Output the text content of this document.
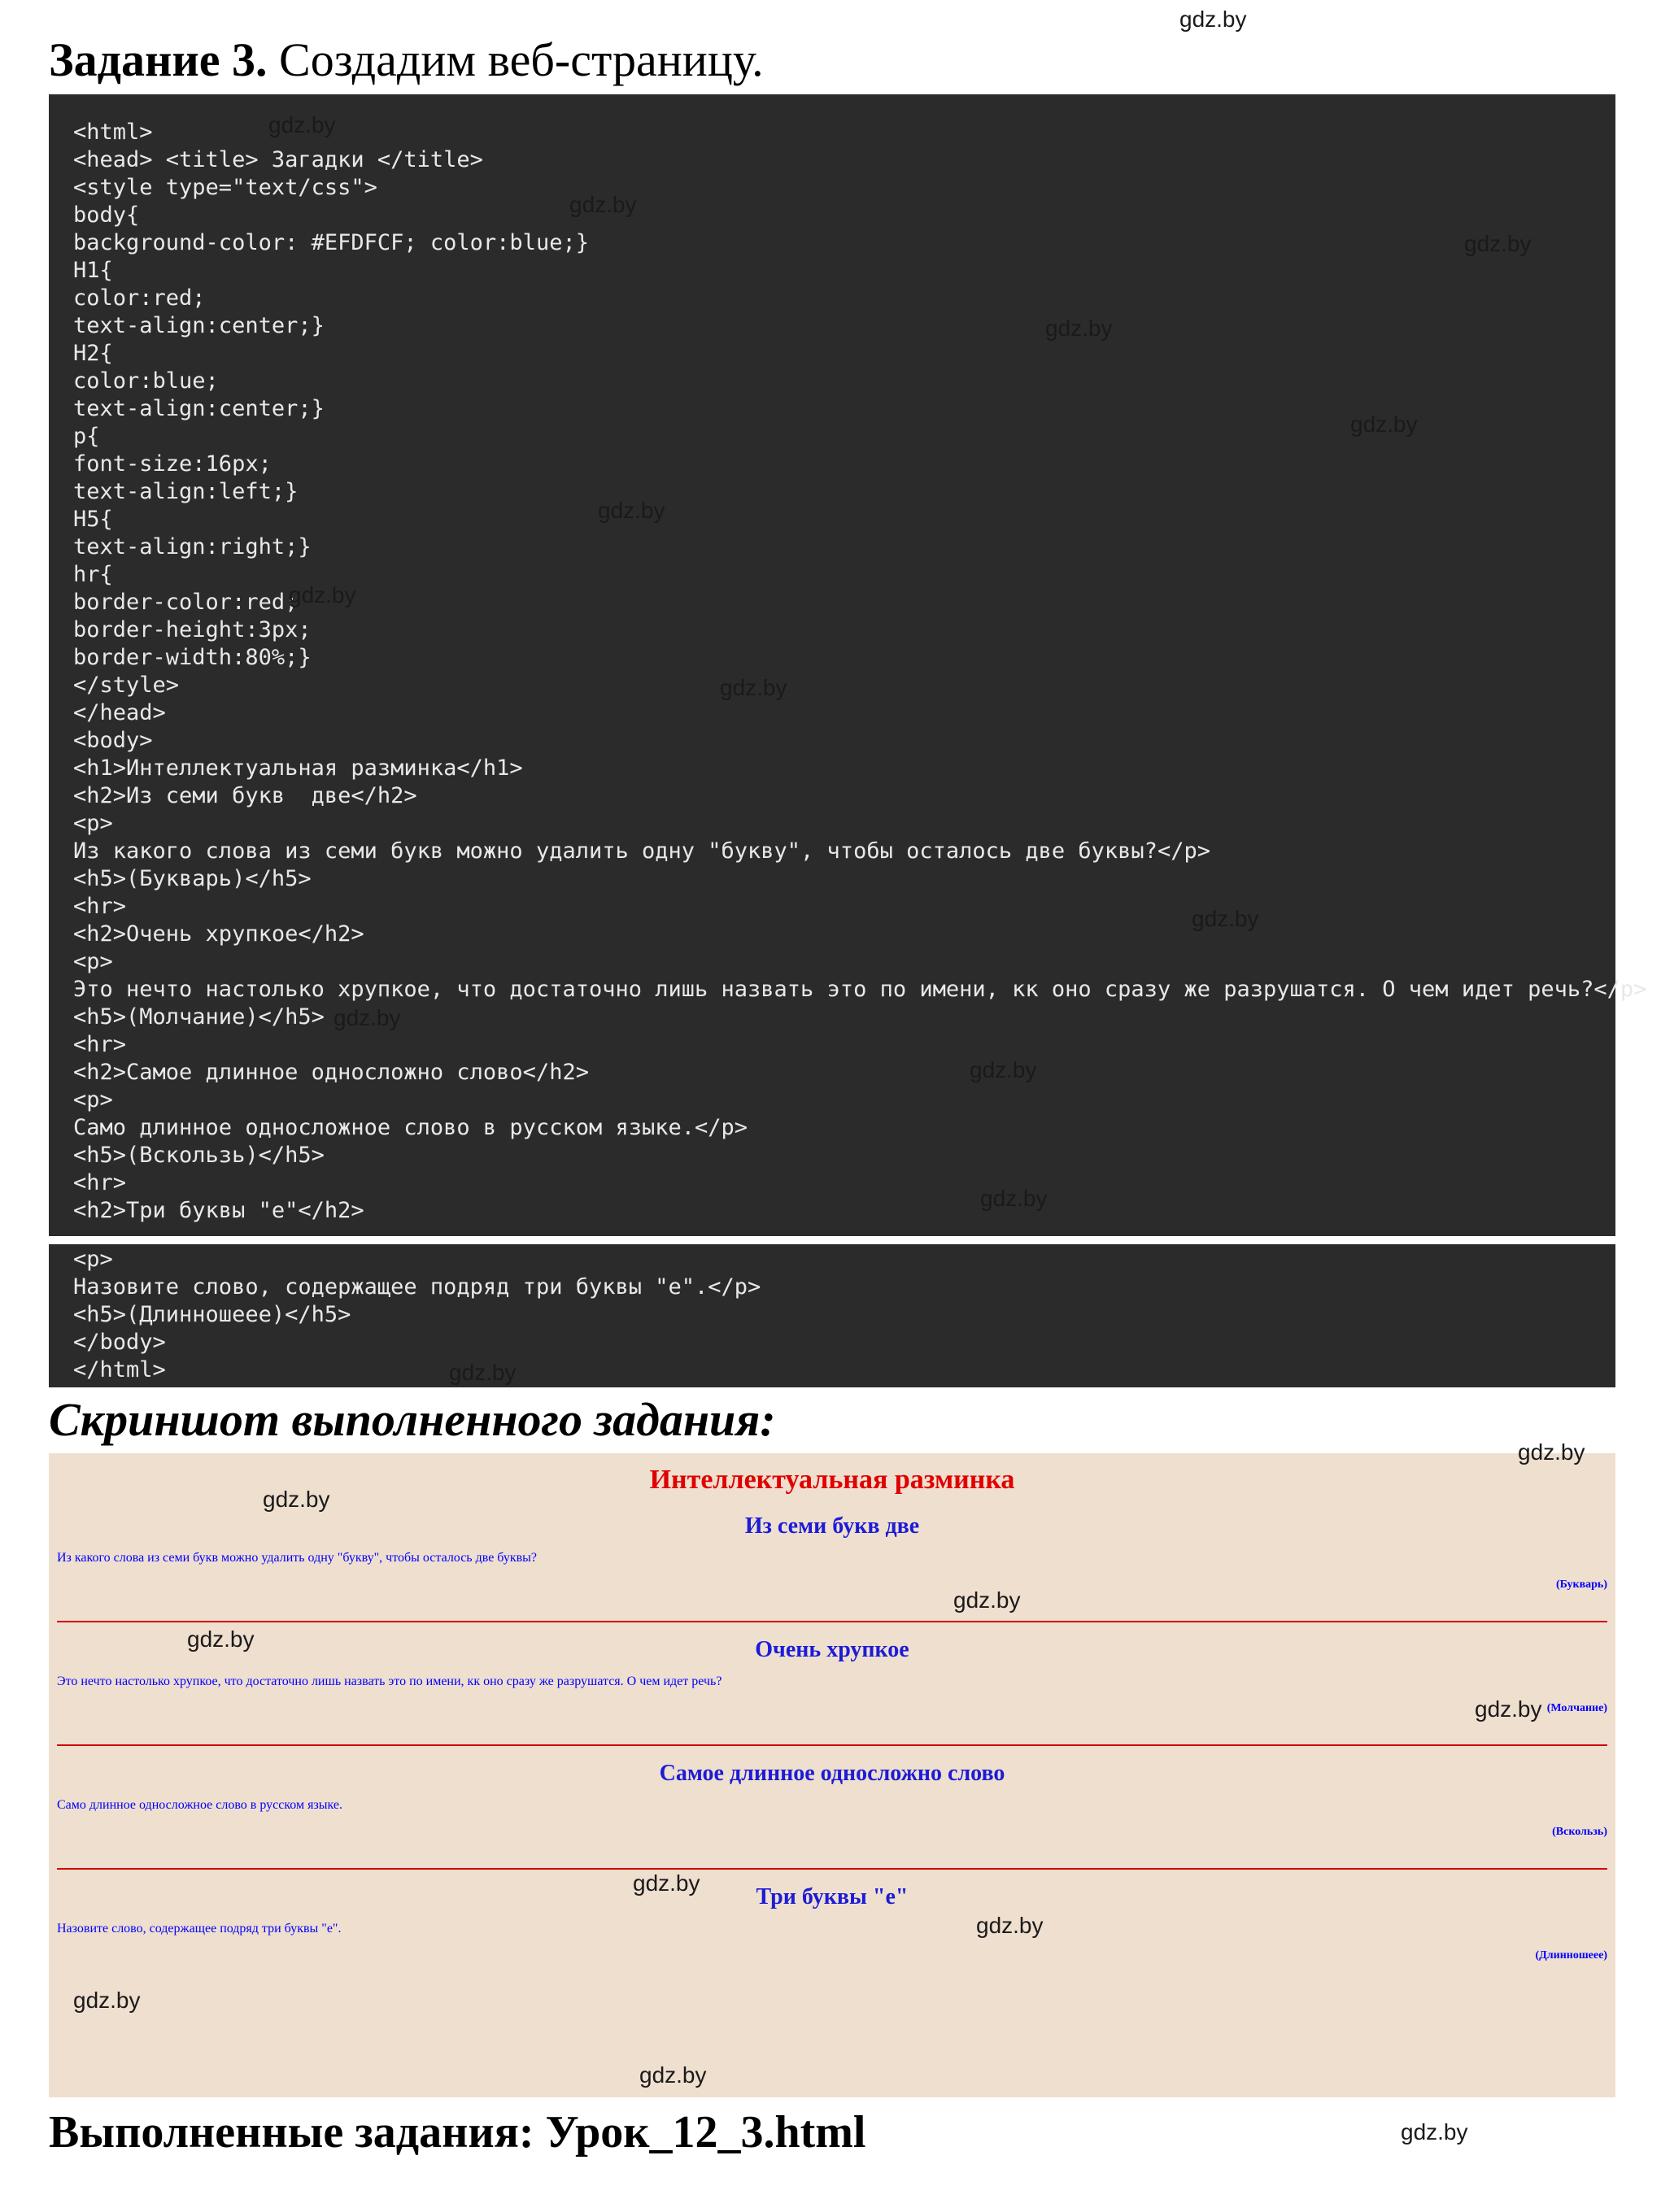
Задание 3. Создадим веб-страницу.
<html>
<head> <title> Загадки </title>
<style type="text/css">
body{
background-color: #EFDFCF; color:blue;}
H1{
color:red;
text-align:center;}
H2{
color:blue;
text-align:center;}
p{
font-size:16px;
text-align:left;}
H5{
text-align:right;}
hr{
border-color:red;
border-height:3px;
border-width:80%;}
</style>
</head>
<body>
<h1>Интеллектуальная разминка</h1>
<h2>Из семи букв  две</h2>
<p>
Из какого слова из семи букв можно удалить одну "букву", чтобы осталось две буквы?</p>
<h5>(Букварь)</h5>
<hr>
<h2>Очень хрупкое</h2>
<p>
Это нечто настолько хрупкое, что достаточно лишь назвать это по имени, кк оно сразу же разрушатся. О чем идет речь?</p>
<h5>(Молчание)</h5>
<hr>
<h2>Самое длинное односложно слово</h2>
<p>
Само длинное односложное слово в русском языке.</p>
<h5>(Вскользь)</h5>
<hr>
<h2>Три буквы "е"</h2>
<p>
Назовите слово, содержащее подряд три буквы "е".</p>
<h5>(Длинношеее)</h5>
</body>
</html>
Скриншот выполненного задания:
Интеллектуальная разминка
Из семи букв две

Из какого слова из семи букв можно удалить одну "букву", чтобы осталось две буквы?

(Букварь)
Очень хрупкое

Это нечто настолько хрупкое, что достаточно лишь назвать это по имени, кк оно сразу же разрушатся. О чем идет речь?

(Молчание)
Самое длинное односложно слово

Само длинное односложное слово в русском языке.

(Вскользь)
Три буквы "е"

Назовите слово, содержащее подряд три буквы "е".

(Длинношеее)
Выполненные задания: Урок_12_3.html
gdz.by
gdz.by
gdz.by
gdz.by
gdz.by
gdz.by
gdz.by
gdz.by
gdz.by
gdz.by
gdz.by
gdz.by
gdz.by
gdz.by
gdz.by
gdz.by
gdz.by
gdz.by
gdz.by
gdz.by
gdz.by
gdz.by
gdz.by
gdz.by
